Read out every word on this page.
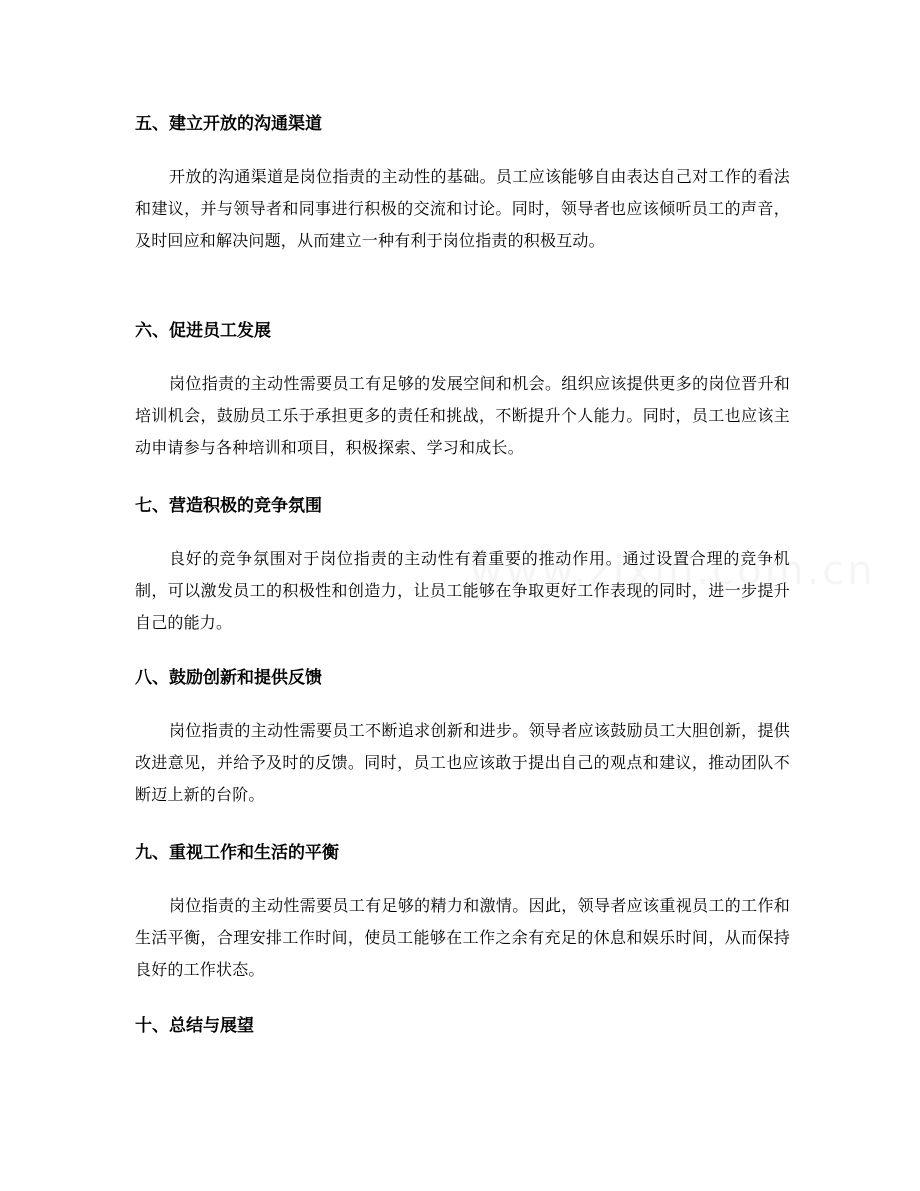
五、建立开放的沟通渠道

开放的沟通渠道是岗位指责的主动性的基础。员工应该能够自由表达自己对工作的看法和建议，并与领导者和同事进行积极的交流和讨论。同时，领导者也应该倾听员工的声音，及时回应和解决问题，从而建立一种有利于岗位指责的积极互动。

六、促进员工发展

岗位指责的主动性需要员工有足够的发展空间和机会。组织应该提供更多的岗位晋升和培训机会，鼓励员工乐于承担更多的责任和挑战，不断提升个人能力。同时，员工也应该主动申请参与各种培训和项目，积极探索、学习和成长。

七、营造积极的竞争氛围

良好的竞争氛围对于岗位指责的主动性有着重要的推动作用。通过设置合理的竞争机制，可以激发员工的积极性和创造力，让员工能够在争取更好工作表现的同时，进一步提升自己的能力。

八、鼓励创新和提供反馈

岗位指责的主动性需要员工不断追求创新和进步。领导者应该鼓励员工大胆创新，提供改进意见，并给予及时的反馈。同时，员工也应该敢于提出自己的观点和建议，推动团队不断迈上新的台阶。

九、重视工作和生活的平衡

岗位指责的主动性需要员工有足够的精力和激情。因此，领导者应该重视员工的工作和生活平衡，合理安排工作时间，使员工能够在工作之余有充足的休息和娱乐时间，从而保持良好的工作状态。

十、总结与展望
